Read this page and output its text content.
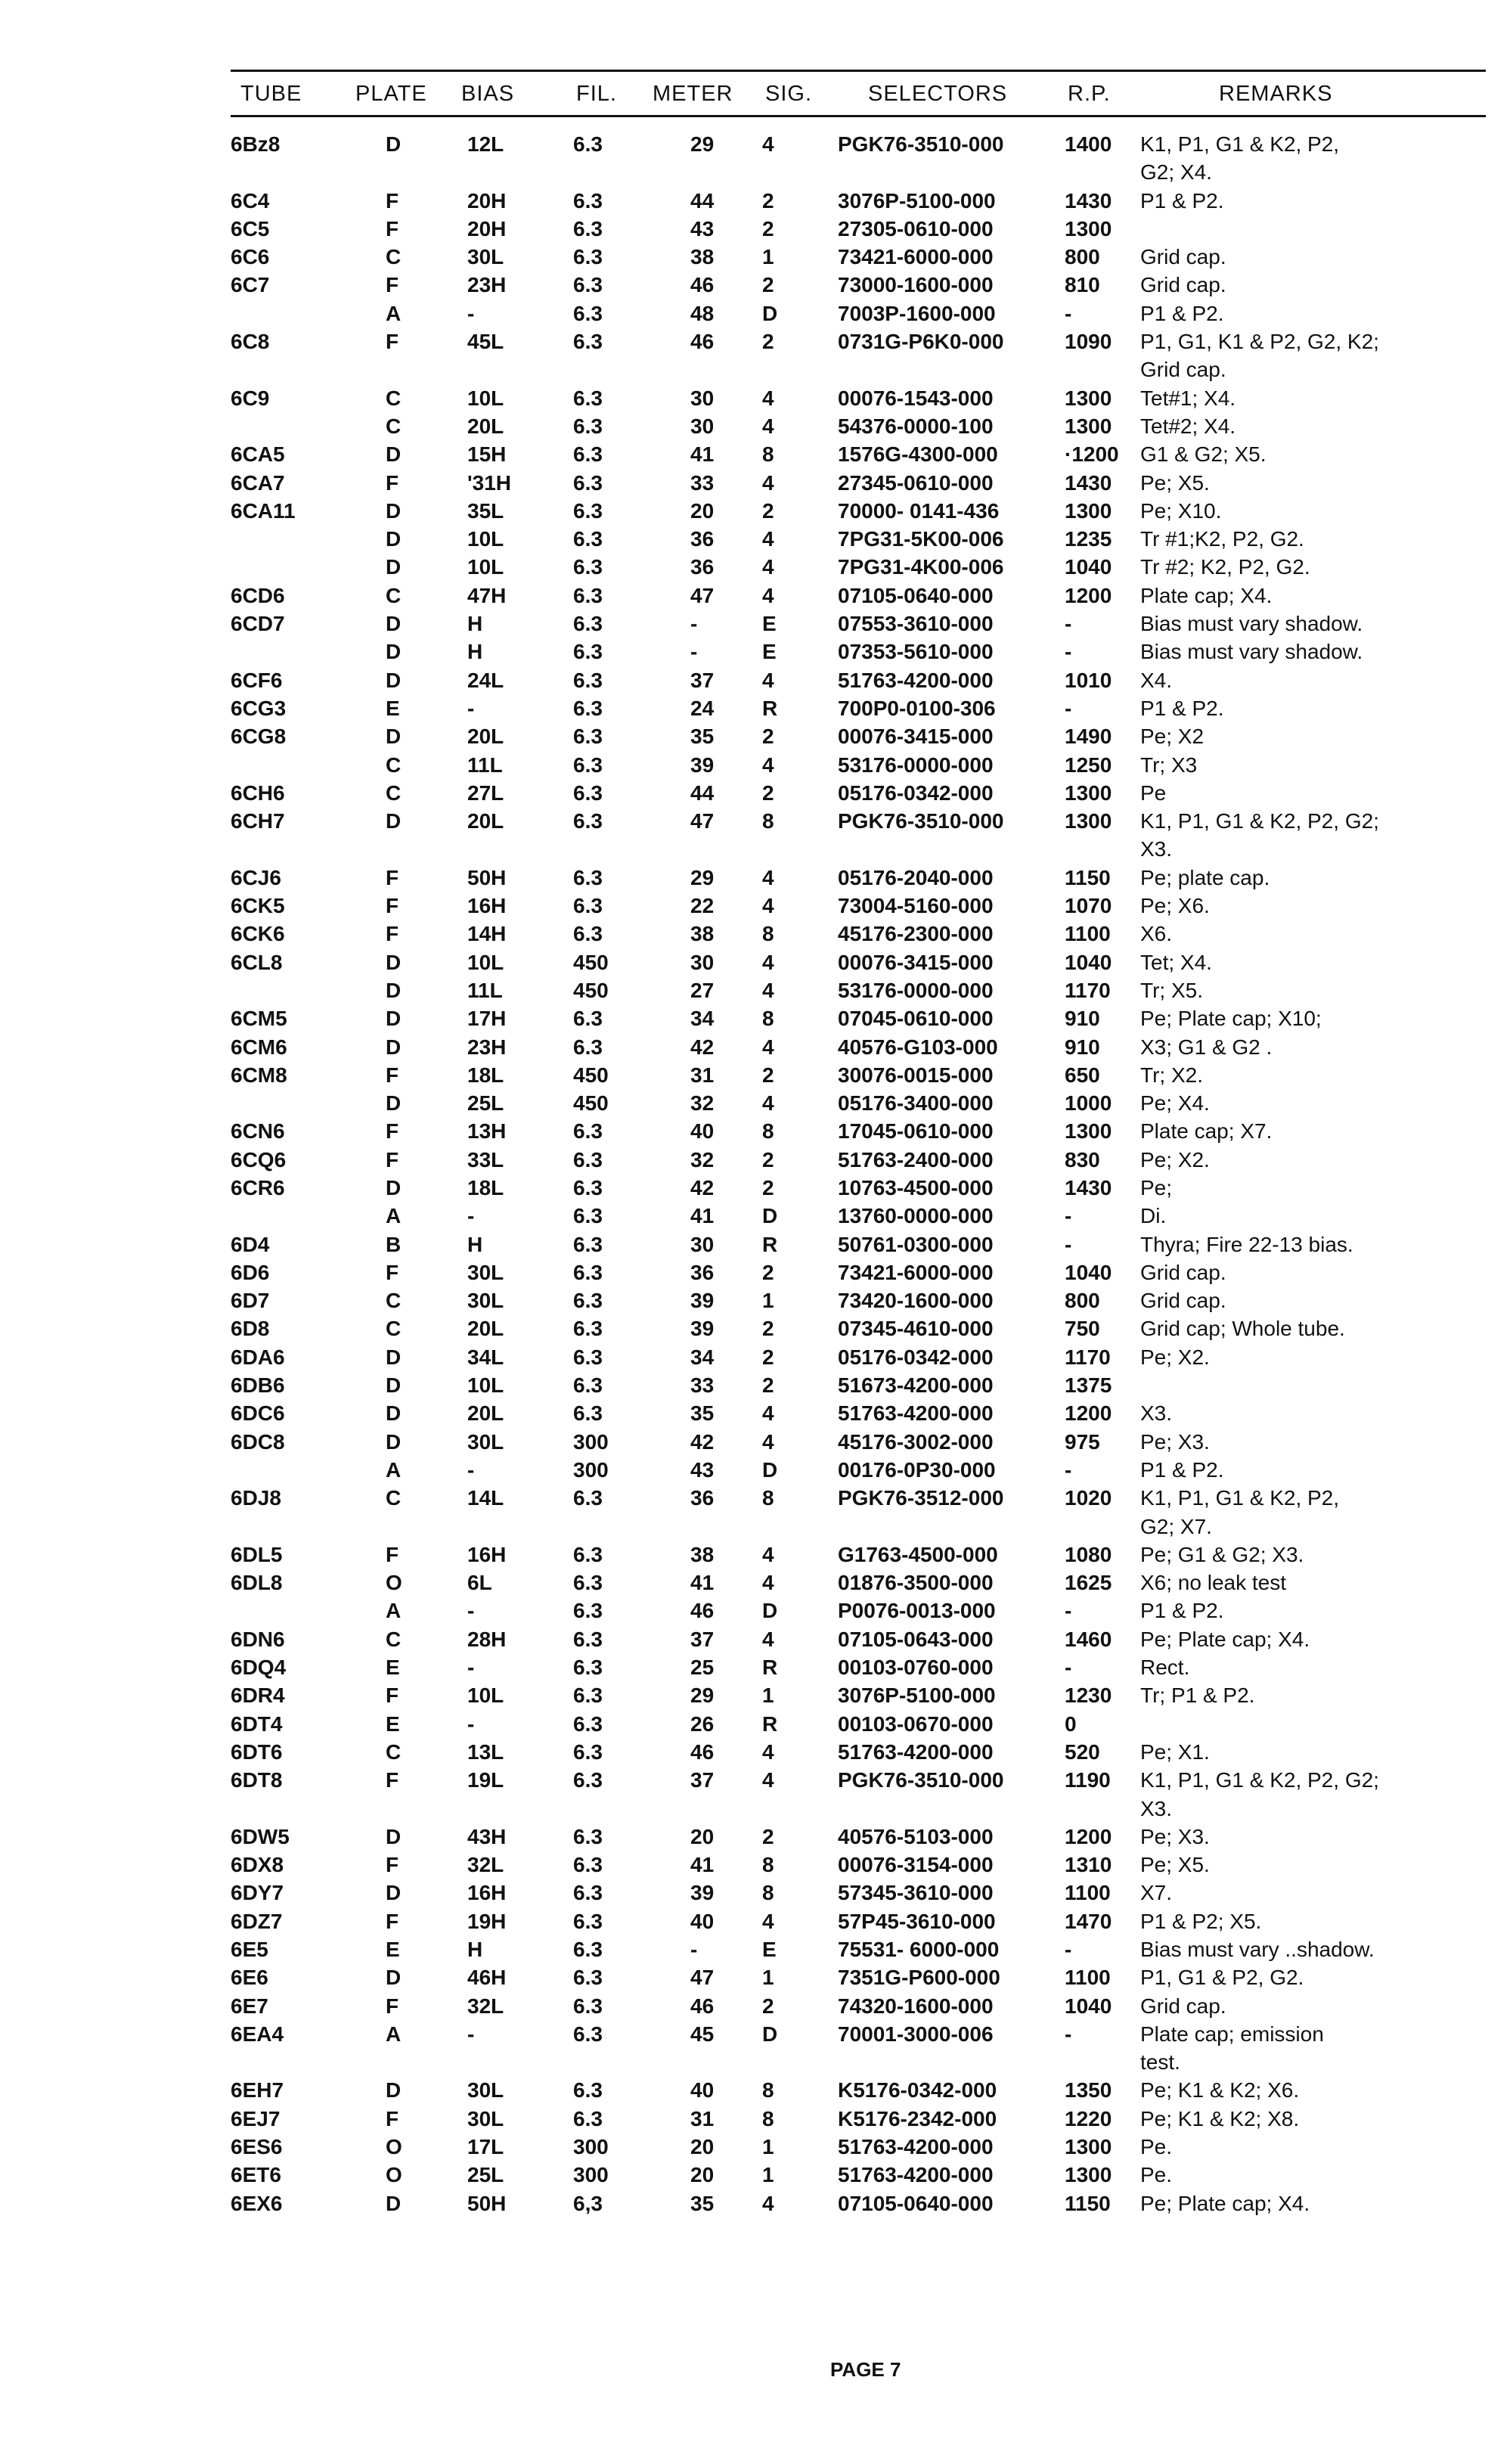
TUBE PLATE BIAS	FIL. METER SIG.	SELECTORS	R.P.	REMARKS
6Bz8	D	12L	6.3	29	4	PGK76-3510-000	1400	K1, P1, G1 & K2, P2,
G2; X4.
6C4	F	20H	6.3	44	2	3076P-5100-000	1430	P1 & P2.
6C5	F	20H	6.3	43	2	27305-0610-000	1300	
6C6	C	30L	6.3	38	1	73421-6000-000	800	Grid cap.
6C7	F	23H	6.3	46	2	73000-1600-000	810	Grid cap.
	A	-	6.3	48	D	7003P-1600-000	-	P1 & P2.
6C8	F	45L	6.3	46	2	0731G-P6K0-000	1090	P1, G1, K1 & P2, G2, K2;
Grid cap.
6C9	C	10L	6.3	30	4	00076-1543-000	1300	Tet#1; X4.
	C	20L	6.3	30	4	54376-0000-100	1300	Tet#2; X4.
6CA5	D	15H	6.3	41	8	1576G-4300-000	·1200	G1 & G2; X5.
6CA7	F	'31H	6.3	33	4	27345-0610-000	1430	Pe; X5.
6CA11	D	35L	6.3	20	2	70000- 0141-436	1300	Pe; X10.
	D	10L	6.3	36	4	7PG31-5K00-006	1235	Tr #1;K2, P2, G2.
	D	10L	6.3	36	4	7PG31-4K00-006	1040	Tr #2; K2, P2, G2.
6CD6	C	47H	6.3	47	4	07105-0640-000	1200	Plate cap; X4.
6CD7	D	H	6.3	-	E	07553-3610-000	-	Bias must vary shadow.
	D	H	6.3	-	E	07353-5610-000	-	Bias must vary shadow.
6CF6	D	24L	6.3	37	4	51763-4200-000	1010	X4.
6CG3	E	-	6.3	24	R	700P0-0100-306	-	P1 & P2.
6CG8	D	20L	6.3	35	2	00076-3415-000	1490	Pe; X2
	C	11L	6.3	39	4	53176-0000-000	1250	Tr; X3
6CH6	C	27L	6.3	44	2	05176-0342-000	1300	Pe
6CH7	D	20L	6.3	47	8	PGK76-3510-000	1300	K1, P1, G1 & K2, P2, G2;
X3.
6CJ6	F	50H	6.3	29	4	05176-2040-000	1150	Pe; plate cap.
6CK5	F	16H	6.3	22	4	73004-5160-000	1070	Pe; X6.
6CK6	F	14H	6.3	38	8	45176-2300-000	1100	X6.
6CL8	D	10L	450	30	4	00076-3415-000	1040	Tet; X4.
	D	11L	450	27	4	53176-0000-000	1170	Tr; X5.
6CM5	D	17H	6.3	34	8	07045-0610-000	910	Pe; Plate cap; X10;
6CM6	D	23H	6.3	42	4	40576-G103-000	910	X3; G1 & G2 .
6CM8	F	18L	450	31	2	30076-0015-000	650	Tr; X2.
	D	25L	450	32	4	05176-3400-000	1000	Pe; X4.
6CN6	F	13H	6.3	40	8	17045-0610-000	1300	Plate cap; X7.
6CQ6	F	33L	6.3	32	2	51763-2400-000	830	Pe; X2.
6CR6	D	18L	6.3	42	2	10763-4500-000	1430	Pe;
	A	-	6.3	41	D	13760-0000-000	-	Di.
6D4	B	H	6.3	30	R	50761-0300-000	-	Thyra; Fire 22-13 bias.
6D6	F	30L	6.3	36	2	73421-6000-000	1040	Grid cap.
6D7	C	30L	6.3	39	1	73420-1600-000	800	Grid cap.
6D8	C	20L	6.3	39	2	07345-4610-000	750	Grid cap; Whole tube.
6DA6	D	34L	6.3	34	2	05176-0342-000	1170	Pe; X2.
6DB6	D	10L	6.3	33	2	51673-4200-000	1375	
6DC6	D	20L	6.3	35	4	51763-4200-000	1200	X3.
6DC8	D	30L	300	42	4	45176-3002-000	975	Pe; X3.
	A	-	300	43	D	00176-0P30-000	-	P1 & P2.
6DJ8	C	14L	6.3	36	8	PGK76-3512-000	1020	K1, P1, G1 & K2, P2,
G2; X7.
6DL5	F	16H	6.3	38	4	G1763-4500-000	1080	Pe; G1 & G2; X3.
6DL8	O	6L	6.3	41	4	01876-3500-000	1625	X6; no leak test
	A	-	6.3	46	D	P0076-0013-000	-	P1 & P2.
6DN6	C	28H	6.3	37	4	07105-0643-000	1460	Pe; Plate cap; X4.
6DQ4	E	-	6.3	25	R	00103-0760-000	-	Rect.
6DR4	F	10L	6.3	29	1	3076P-5100-000	1230	Tr; P1 & P2.
6DT4	E	-	6.3	26	R	00103-0670-000	0	
6DT6	C	13L	6.3	46	4	51763-4200-000	520	Pe; X1.
6DT8	F	19L	6.3	37	4	PGK76-3510-000	1190	K1, P1, G1 & K2, P2, G2;
X3.
6DW5	D	43H	6.3	20	2	40576-5103-000	1200	Pe; X3.
6DX8	F	32L	6.3	41	8	00076-3154-000	1310	Pe; X5.
6DY7	D	16H	6.3	39	8	57345-3610-000	1100	X7.
6DZ7	F	19H	6.3	40	4	57P45-3610-000	1470	P1 & P2; X5.
6E5	E	H	6.3	-	E	75531- 6000-000	-	Bias must vary ..shadow.
6E6	D	46H	6.3	47	1	7351G-P600-000	1100	P1, G1 & P2, G2.
6E7	F	32L	6.3	46	2	74320-1600-000	1040	Grid cap.
6EA4	A	-	6.3	45	D	70001-3000-006	-	Plate cap; emission
test.
6EH7	D	30L	6.3	40	8	K5176-0342-000	1350	Pe; K1 & K2; X6.
6EJ7	F	30L	6.3	31	8	K5176-2342-000	1220	Pe; K1 & K2; X8.
6ES6	O	17L	300	20	1	51763-4200-000	1300	Pe.
6ET6	O	25L	300	20	1	51763-4200-000	1300	Pe.
6EX6	D	50H	6,3	35	4	07105-0640-000	1150	Pe; Plate cap; X4.
PAGE 7
